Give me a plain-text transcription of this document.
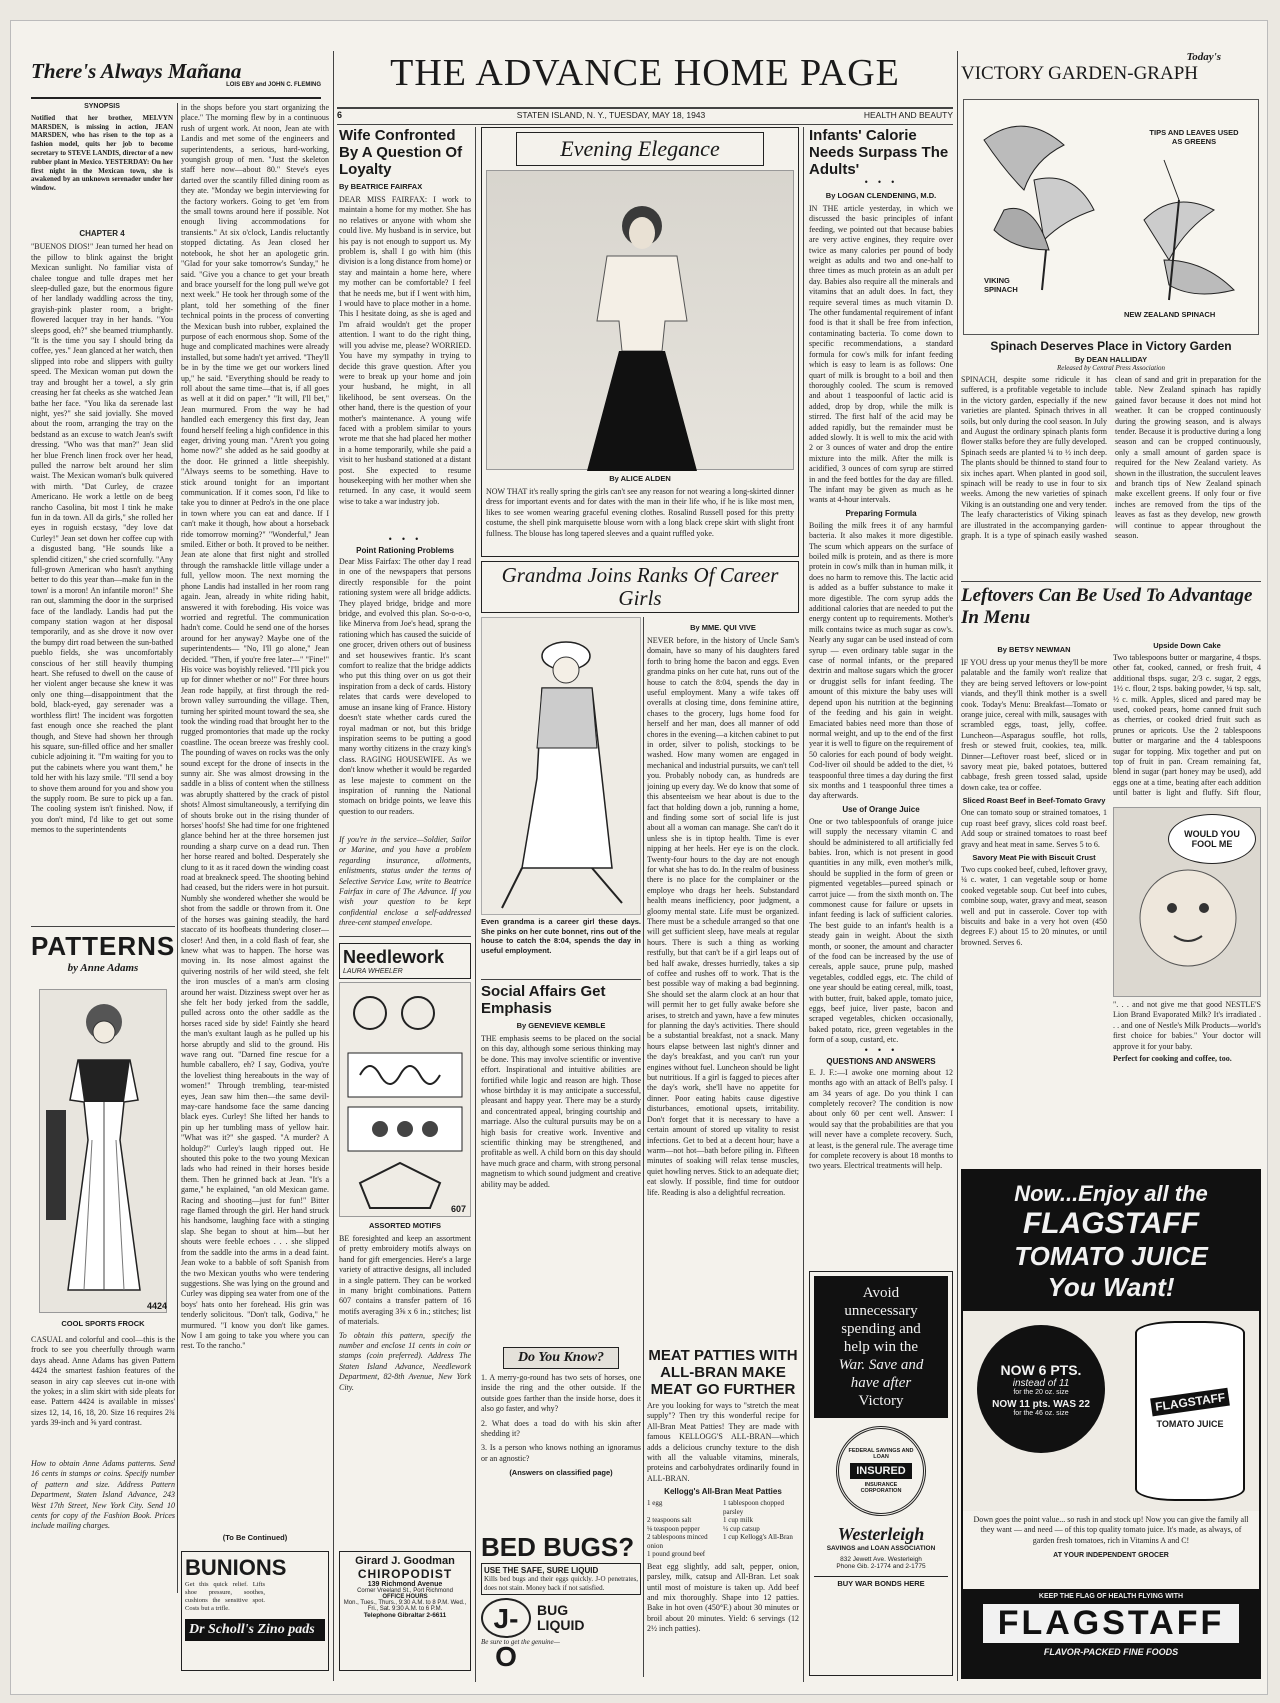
There's Always Mañana
LOIS EBY and JOHN C. FLEMING
SYNOPSIS
Notified that her brother, MELVYN MARSDEN, is missing in action, JEAN MARSDEN, who has risen to the top as a fashion model, quits her job to become secretary to STEVE LANDIS, director of a new rubber plant in Mexico. YESTERDAY: On her first night in the Mexican town, she is awakened by an unknown serenader under her window.
CHAPTER 4
"BUENOS DIOS!" Jean turned her head on the pillow to blink against the bright Mexican sunlight. No familiar vista of chalee tongue and tulle drapes met her sleep-dulled gaze, but the enormous figure of her landlady waddling across the tiny, grayish-pink plaster room, a bright-flowered lacquer tray in her hands. "You sleeps good, eh?" she beamed triumphantly. "It is the time you say I should bring da coffee, yes." Jean glanced at her watch, then slipped into robe and slippers with guilty speed. The Mexican woman put down the tray and brought her a towel, a sly grin creasing her fat cheeks as she watched Jean bathe her face. "You lika da serenade last night, yes?" she said jovially. She moved about the room, arranging the tray on the bedstand as an excuse to watch Jean's swift dressing. "Who was that man?" Jean slid her blue French linen frock over her head, pulled the narrow belt around her slim waist. The Mexican woman's bulk quivered with mirth. "Dat Curley, de crazee Americano. He work a lettle on de beeg rancho Casolina, bit most I tink he make fun in da town. All da girls," she rolled her eyes in roguish ecstasy, "dey love dat Curley!" Jean set down her coffee cup with a disgusted bang. "He sounds like a splendid citizen," she cried scornfully. "Any full-grown American who hasn't anything better to do this year than—make fun in the town' is a moron! An infantile moron!" She ran out, slamming the door in the surprised face of the landlady. Landis had put the company station wagon at her disposal temporarily, and as she drove it now over the bumpy dirt road between the sun-bathed pueblo fields, she was uncomfortably conscious of her still heavily thumping heart. She refused to dwell on the cause of her violent anger because she knew it was only one thing—disappointment that the bold, black-eyed, gay serenader was a worthless flirt! The incident was forgotten fast enough once she reached the plant though, and Steve had shown her through his square, sun-filled office and her smaller cubicle adjoining it. "I'm waiting for you to put the cabinets where you want them," he told her with his lazy smile. "I'll send a boy to shove them around for you and show you the supply room. Be sure to pick up a fan. The cooling system isn't finished. Now, if you don't mind, I'd like to get out some memos to the superintendents
in the shops before you start organizing the place." The morning flew by in a continuous rush of urgent work. At noon, Jean ate with Landis and met some of the engineers and superintendents, a serious, hard-working, youngish group of men. "Just the skeleton staff here now—about 80." Steve's eyes darted over the scantily filled dining room as they ate. "Monday we begin interviewing for the factory workers. Going to get 'em from the small towns around here if possible. Not enough living accommodations for transients." At six o'clock, Landis reluctantly stopped dictating. As Jean closed her notebook, he shot her an apologetic grin. "Glad for your sake tomorrow's Sunday," he said. "Give you a chance to get your breath and brace yourself for the long pull we've got next week." He took her through some of the plant, told her something of the finer technical points in the process of converting the Mexican bush into rubber, explained the purpose of each enormous shop. Some of the huge and complicated machines were already installed, but some hadn't yet arrived. "They'll be in by the time we get our workers lined up," he said. "Everything should be ready to roll about the same time—that is, if all goes as well at it did on paper." "It will, I'll bet," Jean murmured. From the way he had handled each emergency this first day, Jean found herself feeling a high confidence in this eager, driving young man. "Aren't you going home now?" she added as he said goodby at the door. He grinned a little sheepishly. "Always seems to be something. Have to stick around tonight for an important communication. If it comes soon, I'd like to take you to dinner at Pedro's in the one place in town where you can eat and dance. If I can't make it though, how about a horseback ride tomorrow morning?" "Wonderful," Jean smiled. Either or both. It proved to be neither. Jean ate alone that first night and strolled through the ramshackle little village under a full, yellow moon. The next morning the phone Landis had installed in her room rang again. Jean, already in white riding habit, answered it with foreboding. His voice was worried and regretful. The communication hadn't come. Could he send one of the horses around for her anyway? Maybe one of the superintendents— "No, I'll go alone," Jean decided. "Then, if you're free later—" "Fine!" His voice was boyishly relieved. "I'll pick you up for dinner whether or no!" For three hours Jean rode happily, at first through the red-brown valley surrounding the village. Then, turning her spirited mount toward the sea, she took the winding road that brought her to the rugged promontories that made up the rocky coastline. The ocean breeze was freshly cool. The pounding of waves on rocks was the only sound except for the drone of insects in the sunny air. She was almost drowsing in the saddle in a bliss of content when the stillness was abruptly shattered by the crack of pistol shots! Almost simultaneously, a terrifying din of shouts broke out in the rising thunder of horses' hoofs! She had time for one frightened glance behind her at the three horsemen just rounding a sharp curve on a dead run. Then her horse reared and bolted. Desperately she clung to it as it raced down the winding coast road at breakneck speed. The shooting behind had ceased, but the riders were in hot pursuit. Numbly she wondered whether she would be shot from the saddle or thrown from it. One of the horses was gaining steadily, the hard staccato of its hoofbeats thundering closer—closer! And then, in a cold flash of fear, she knew what was to happen. The horse was moving in. Its nose almost against the quivering nostrils of her wild steed, she felt the iron muscles of a man's arm closing around her waist. Dizziness swept over her as she felt her body jerked from the saddle, pulled across onto the other saddle as the horses raced side by side! Faintly she heard the man's exultant laugh as he pulled up his horse abruptly and slid to the ground. His wave rang out. "Darned fine rescue for a humble caballero, eh? I say, Godiva, you're the loveliest thing hereabouts in the way of women!" Through trembling, tear-misted eyes, Jean saw him then—the same devil-may-care handsome face the same dancing black eyes. Curley! She lifted her hands to pin up her tumbling mass of yellow hair. "What was it?" she gasped. "A murder? A holdup?" Curley's laugh ripped out. He shouted this poke to the two young Mexican lads who had reined in their horses beside them. Then he grinned back at Jean. "It's a game," he explained, "an old Mexican game. Racing and shooting—just for fun!" Bitter rage flamed through the girl. Her hand struck his handsome, laughing face with a stinging slap. She began to shout at him—but her shouts were feeble echoes . . . she slipped from the saddle into the arms in a dead faint. Jean woke to a babble of soft Spanish from the two Mexican youths who were tendering suggestions. She was lying on the ground and Curley was dipping sea water from one of the boys' hats onto her forehead. His grin was tenderly solicitous. "Don't talk, Godiva," he murmured. "I know you don't like games. Now I am going to take you where you can rest. To the rancho."
(To Be Continued)
PATTERNS
by Anne Adams
4424
COOL SPORTS FROCK
CASUAL and colorful and cool—this is the frock to see you cheerfully through warm days ahead. Anne Adams has given Pattern 4424 the smartest fashion features of the season in airy cap sleeves cut in-one with the yokes; in a slim skirt with side pleats for ease. Pattern 4424 is available in misses' sizes 12, 14, 16, 18, 20. Size 16 requires 2¾ yards 39-inch and ⅝ yard contrast.
How to obtain Anne Adams patterns. Send 16 cents in stamps or coins. Specify number of pattern and size. Address Pattern Department, Staten Island Advance, 243 West 17th Street, New York City. Send 10 cents for copy of the Fashion Book. Prices include mailing charges.
BUNIONS
Get this quick relief. Lifts shoe pressure, soothes, cushions the sensitive spot. Costs but a trifle.
Dr Scholl's Zino pads
THE ADVANCE HOME PAGE
6	STATEN ISLAND, N. Y., TUESDAY, MAY 18, 1943	HEALTH AND BEAUTY
Wife Confronted By A Question Of Loyalty
By BEATRICE FAIRFAX
DEAR MISS FAIRFAX: I work to maintain a home for my mother. She has no relatives or anyone with whom she could live. My husband is in service, but his pay is not enough to support us. My problem is, shall I go with him (this division is a long distance from home) or stay and maintain a home here, where my mother can be comfortable? I feel that he needs me, but if I went with him, I would have to place mother in a home. This I hesitate doing, as she is aged and I'm afraid wouldn't get the proper attention. I want to do the right thing, will you advise me, please? WORRIED. You have my sympathy in trying to decide this grave question. After you were to break up your home and join your husband, he might, in all likelihood, be sent overseas. On the other hand, there is the question of your mother's maintenance. A young wife faced with a problem similar to yours wrote me that she had placed her mother in a home temporarily, while she paid a visit to her husband stationed at a distant post. She expected to resume housekeeping with her mother when she returned. In any case, it would seem wise to take a war industry job.
• • •
Point Rationing Problems
Dear Miss Fairfax: The other day I read in one of the newspapers that persons directly responsible for the point rationing system were all bridge addicts. They played bridge, bridge and more bridge, and evolved this plan. So-o-o-o, like Minerva from Joe's head, sprang the rationing which has caused the suicide of one grocer, driven others out of business and set housewives frantic. It's scant comfort to realize that the bridge addicts who put this thing over on us got their inspiration from a deck of cards. History relates that cards were developed to amuse an insane king of France. History doesn't state whether cards cured the royal madman or not, but this bridge inspiration seems to be putting a good many worthy citizens in the crazy king's class. RAGING HOUSEWIFE. As we don't know whether it would be regarded as lese majeste to comment on the inspiration of running the National stomach on bridge points, we leave this question to our readers.
If you're in the service—Soldier, Sailor or Marine, and you have a problem regarding insurance, allotments, enlistments, status under the terms of Selective Service Law, write to Beatrice Fairfax in care of The Advance. If you wish your question to be kept confidential enclose a self-addressed three-cent stamped envelope.
Needlework
LAURA WHEELER
607
ASSORTED MOTIFS
BE foresighted and keep an assortment of pretty embroidery motifs always on hand for gift emergencies. Here's a large variety of attractive designs, all included in a single pattern. They can be worked in many bright combinations. Pattern 607 contains a transfer pattern of 16 motifs averaging 3⅝ x 6 in.; stitches; list of materials.
To obtain this pattern, specify the number and enclose 11 cents in coin or stamps (coin preferred). Address The Staten Island Advance, Needlework Department, 82-8th Avenue, New York City.
Girard J. Goodman
CHIROPODIST
139 Richmond Avenue
Corner Vreeland St., Port Richmond
OFFICE HOURS
Mon., Tues., Thurs., 9:30 A.M. to 8 P.M. Wed., Fri., Sat. 9:30 A.M. to 6 P.M.
Telephone Gibraltar 2-6611
Evening Elegance
By ALICE ALDEN
NOW THAT it's really spring the girls can't see any reason for not wearing a long-skirted dinner dress for important events and for dates with the man in their life who, if he is like most men, likes to see women wearing graceful evening clothes. Rosalind Russell posed for this pretty costume, the shell pink marquisette blouse worn with a long black crepe skirt with slight front fullness. The blouse has long tapered sleeves and a quaint ruffled yoke.
Grandma Joins Ranks Of Career Girls
Even grandma is a career girl these days. She pinks on her cute bonnet, rins out of the house to catch the 8:04, spends the day in useful employment.
By MME. QUI VIVE
NEVER before, in the history of Uncle Sam's domain, have so many of his daughters fared forth to bring home the bacon and eggs. Even grandma pinks on her cute hat, runs out of the house to catch the 8:04, spends the day in useful employment. Many a wife takes off overalls at closing time, dons feminine attire, chases to the grocery, lugs home food for herself and her man, does all manner of odd chores in the evening—a kitchen cabinet to put in order, silver to polish, stockings to be washed. How many women are engaged in mechanical and industrial pursuits, we can't tell you. Probably nobody can, as hundreds are joining up every day. We do know that some of this absenteeism we hear about is due to the fact that holding down a job, running a home, and finding some sort of social life is just about all a woman can manage. She can't do it unless she is in tiptop health. Time is ever nipping at her heels. Her eye is on the clock. Twenty-four hours to the day are not enough for what she has to do. In the realm of business there is no place for the complainer or the employe who drags her heels. Substandard health means inefficiency, poor judgment, a gloomy mental state. Life must be organized. There must be a schedule arranged so that one will get sufficient sleep, have meals at regular hours. There is such a thing as working restfully, but that can't be if a girl leaps out of bed half awake, dresses hurriedly, takes a sip of coffee and rushes off to work. That is the best possible way of making a bad beginning. She should set the alarm clock at an hour that will permit her to get fully awake before she arises, to stretch and yawn, have a few minutes for planning the day's activities. There should be a substantial breakfast, not a snack. Many hours elapse between last night's dinner and the day's breakfast, and you can't run your engines without fuel. Luncheon should be light but nutritious. If a girl is fagged to pieces after the day's work, she'll have no appetite for dinner. Poor eating habits cause digestive disturbances, emotional upsets, irritability. Don't forget that it is necessary to have a certain amount of stored up vitality to resist infections. Get to bed at a decent hour; have a warm—not hot—bath before piling in. Fifteen minutes of soaking will relax tense muscles, quiet howling nerves. Stick to an adequate diet; eat slowly. If possible, find time for outdoor life. Reading is also a delightful recreation.
Social Affairs Get Emphasis
By GENEVIEVE KEMBLE
THE emphasis seems to be placed on the social on this day, although some serious thinking may be done. This may involve scientific or inventive effort. Inspirational and intuitive abilities are fortified while logic and reason are high. Those whose birthday it is may anticipate a successful, pleasant and happy year. There may be a sturdy and concentrated appeal, bringing courtship and marriage. Also the cultural pursuits may be on a high basis for creative work. Inventive and scientific thinking may be strengthened, and profitable as well. A child born on this day should have much grace and charm, with strong personal magnetism to which sound judgment and creative ability may be added.
Do You Know?
1. A merry-go-round has two sets of horses, one inside the ring and the other outside. If the outside goes farther than the inside horse, does it also go faster, and why?
2. What does a toad do with his skin after shedding it?
3. Is a person who knows nothing an ignoramus or an agnostic?
(Answers on classified page)
BED BUGS?
USE THE SAFE, SURE LIQUID
Kills bed bugs and their eggs quickly. J-O penetrates, does not stain. Money back if not satisfied.
J-O
BUG LIQUID
Be sure to get the genuine—
MEAT PATTIES WITH ALL-BRAN MAKE MEAT GO FURTHER
Are you looking for ways to "stretch the meat supply"? Then try this wonderful recipe for All-Bran Meat Patties! They are made with famous KELLOGG'S ALL-BRAN—which adds a delicious crunchy texture to the dish with all the valuable vitamins, minerals, proteins and carbohydrates ordinarily found in ALL-BRAN.
Kellogg's All-Bran Meat Patties
1 egg	1 tablespoon chopped parsley
2 teaspoons salt	1 cup milk
⅛ teaspoon pepper	¼ cup catsup
2 tablespoons minced onion
1 cup Kellogg's All-Bran
1 pound ground beef
Beat egg slightly, add salt, pepper, onion, parsley, milk, catsup and All-Bran. Let soak until most of moisture is taken up. Add beef and mix thoroughly. Shape into 12 patties. Bake in hot oven (450°F.) about 30 minutes or broil about 20 minutes. Yield: 6 servings (12 2½ inch patties).
Infants' Calorie Needs Surpass The Adults'
• • •
By LOGAN CLENDENING, M.D.
IN THE article yesterday, in which we discussed the basic principles of infant feeding, we pointed out that because babies are very active engines, they require over twice as many calories per pound of body weight as adults and two and one-half to three times as much protein as an adult per day. Babies also require all the minerals and vitamins that an adult does. In fact, they require several times as much vitamin D. The other fundamental requirement of infant food is that it shall be free from infection, contaminating bacteria. To come down to specific recommendations, a standard formula for cow's milk for infant feeding which is easy to learn is as follows: One quart of milk is brought to a boil and then thoroughly cooled. The scum is removed and about 1 teaspoonful of lactic acid is added, drop by drop, while the milk is stirred. The first half of the acid may be added rapidly, but the remainder must be added slowly. It is well to mix the acid with 2 or 3 ounces of water and drop the entire mixture into the milk. After the milk is acidified, 3 ounces of corn syrup are stirred in and the feed bottles for the day are filled. The infant may be given as much as he wants at 4-hour intervals.
Preparing Formula
Boiling the milk frees it of any harmful bacteria. It also makes it more digestible. The scum which appears on the surface of boiled milk is protein, and as there is more protein in cow's milk than in human milk, it does no harm to remove this. The lactic acid is added as a buffer substance to make it more digestible. The corn syrup adds the additional calories that are needed to put the energy content up to requirements. Mother's milk contains twice as much sugar as cow's. Nearly any sugar can be used instead of corn syrup — even ordinary table sugar in the case of normal infants, or the prepared dextrin and maltose sugars which the grocer or druggist sells for infant feeding. The amount of this mixture the baby uses will depend upon his nutrition at the beginning of the feeding and his gain in weight. Emaciated babies need more than those of normal weight, and up to the end of the first year it is well to figure on the requirement of 50 calories for each pound of body weight. Cod-liver oil should be added to the diet, ½ teaspoonful three times a day during the first six months and 1 teaspoonful three times a day afterwards.
Use of Orange Juice
One or two tablespoonfuls of orange juice will supply the necessary vitamin C and should be administered to all artificially fed babies. Iron, which is not present in good quantities in any milk, even mother's milk, should be supplied in the form of green or pigmented vegetables—pureed spinach or carrot juice — from the sixth month on. The commonest cause for failure or upsets in infant feeding is lack of sufficient calories. The best guide to an infant's health is a steady gain in weight. About the sixth month, or sooner, the amount and character of the food can be increased by the use of cereals, apple sauce, prune pulp, mashed vegetables, coddled eggs, etc. The child of one year should be eating cereal, milk, toast, with butter, fruit, baked apple, tomato juice, eggs, beef juice, liver paste, bacon and scraped vegetables, chicken occasionally, baked potato, rice, green vegetables in the form of a soup, custard, etc.
• • •
QUESTIONS AND ANSWERS
E. J. F.:—I awoke one morning about 12 months ago with an attack of Bell's palsy. I am 34 years of age. Do you think I can completely recover? The condition is now about only 60 per cent well. Answer: I would say that the probabilities are that you will never have a complete recovery. Such, at least, is the general rule. The average time for complete recovery is about 18 months to two years. Electrical treatments will help.
Avoid
unnecessary
spending and
help win the
War. Save and
have after
Victory
FEDERAL SAVINGS AND LOAN
INSURED
INSURANCE CORPORATION
Westerleigh
SAVINGS and LOAN ASSOCIATION
832 Jewett Ave. Westerleigh
Phone Gib. 2-1774 and 2-1775
BUY WAR BONDS HERE
Today's
VICTORY GARDEN-GRAPH
TIPS AND LEAVES USED AS GREENS
VIKING SPINACH
NEW ZEALAND SPINACH
Spinach Deserves Place in Victory Garden
By DEAN HALLIDAY
Released by Central Press Association
SPINACH, despite some ridicule it has suffered, is a profitable vegetable to include in the victory garden, especially if the new varieties are planted. Spinach thrives in all soils, but only during the cool season. In July and August the ordinary spinach plants form flower stalks before they are fully developed. Spinach seeds are planted ¼ to ½ inch deep. The plants should be thinned to stand four to six inches apart. When planted in good soil, spinach will be ready to use in four to six weeks. Among the new varieties of spinach Viking is an outstanding one and very tender. The leafy characteristics of Viking spinach are illustrated in the accompanying garden-graph. It is a type of spinach easily washed clean of sand and grit in preparation for the table. New Zealand spinach has rapidly gained favor because it does not mind hot weather. It can be cropped continuously during the growing season, and is always tender. Because it is productive during a long season and can be cropped continuously, only a small amount of garden space is required for the New Zealand variety. As shown in the illustration, the succulent leaves and branch tips of New Zealand spinach make excellent greens. If only four or five inches are removed from the tips of the leaves as fast as they develop, new growth will continue to appear throughout the season.
Leftovers Can Be Used To Advantage In Menu
By BETSY NEWMAN
IF YOU dress up your menus they'll be more palatable and the family won't realize that they are being served leftovers or low-point viands, and they'll think mother is a swell cook. Today's Menu: Breakfast—Tomato or orange juice, cereal with milk, sausages with scrambled eggs, toast, jelly, coffee. Luncheon—Asparagus souffle, hot rolls, fresh or stewed fruit, cookies, tea, milk. Dinner—Leftover roast beef, sliced or in savory meat pie, baked potatoes, buttered cabbage, fresh green tossed salad, upside down cake, tea or coffee.
Sliced Roast Beef in Beef-Tomato Gravy
One can tomato soup or strained tomatoes, 1 cup roast beef gravy, slices cold roast beef. Add soup or strained tomatoes to roast beef gravy and heat meat in same. Serves 5 to 6.
Savory Meat Pie with Biscuit Crust
Two cups cooked beef, cubed, leftover gravy, ¼ c. water, 1 can vegetable soup or home cooked vegetable soup. Cut beef into cubes, combine soup, water, gravy and meat, season well and put in casserole. Cover top with biscuits and bake in a very hot oven (450 degrees F.) about 15 to 20 minutes, or until browned. Serves 6.
Upside Down Cake
Two tablespoons butter or margarine, 4 tbsps. other fat, cooked, canned, or fresh fruit, 4 additional tbsps. sugar, 2/3 c. sugar, 2 eggs, 1½ c. flour, 2 tsps. baking powder, ¼ tsp. salt, ½ c. milk. Apples, sliced and pared may be used, cooked pears, home canned fruit such as cherries, or cooked dried fruit such as prunes or apricots. Use the 2 tablespoons butter or margarine and the 4 tablespoons sugar for topping. Mix together and put on top of fruit in pan. Cream remaining fat, blend in sugar (part honey may be used), add eggs one at a time, beating after each addition until batter is light and fluffy. Sift flour,
WOULD YOU FOOL ME
". . . and not give me that good NESTLE'S Lion Brand Evaporated Milk? It's irradiated . . . and one of Nestle's Milk Products—world's first choice for babies." Your doctor will approve it for your baby.
Perfect for cooking and coffee, too.
Now...Enjoy all the
FLAGSTAFF
TOMATO JUICE
You Want!
NOW 6 PTS.
instead of 11
for the 20 oz. size
NOW 11 pts. WAS 22
for the 46 oz. size	FLAGSTAFF
TOMATO JUICE
Down goes the point value... so rush in and stock up! Now you can give the family all they want — and need — of this top quality tomato juice. It's made, as always, of garden fresh tomatoes, rich in Vitamins A and C!
AT YOUR INDEPENDENT GROCER
KEEP THE FLAG OF HEALTH FLYING WITH
FLAGSTAFF
FLAVOR-PACKED FINE FOODS
